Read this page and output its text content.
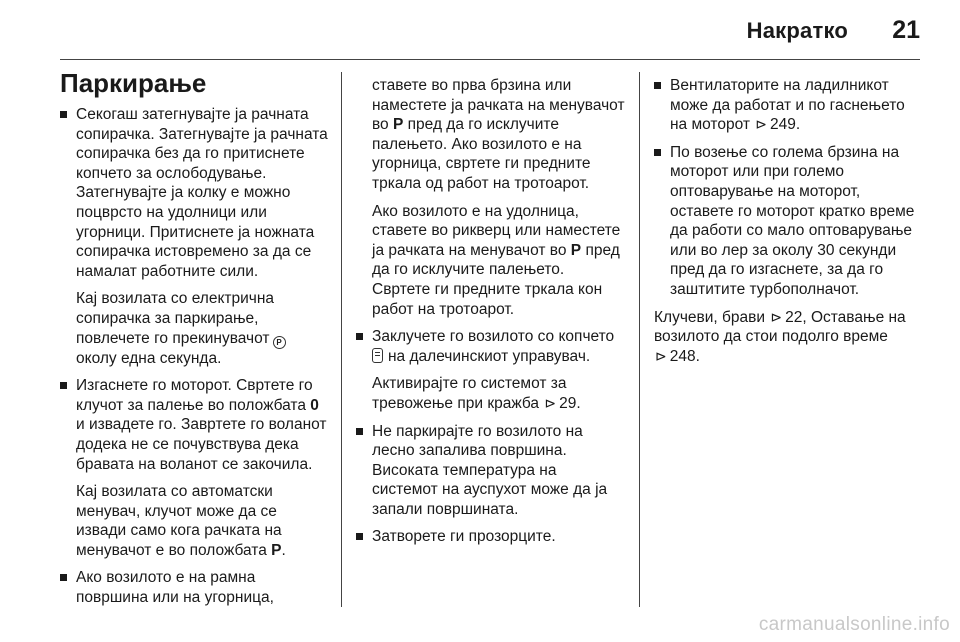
Накратко 21
Паркирање

Секогаш затегнувајте ја рачната сопирачка. Затегнувајте ја рачната сопирачка без да го притиснете копчето за ослободување. Затегнувајте ја колку е можно поцврсто на удолници или угорници. Притиснете ја ножната сопирачка истовремено за да се намалат работните сили.

Кај возилата со електрична сопирачка за паркирање, повлечете го прекинувачот P околу една секунда.

Изгаснете го моторот. Свртете го клучот за палење во положбата 0 и извадете го. Завртете го воланот додека не се почувствува дека бравата на воланот се закочила.

Кај возилата со автоматски менувач, клучот може да се извади само кога рачката на менувачот е во положбата P.

Ако возилото е на рамна површина или на угорница,

ставете во прва брзина или наместете ја рачката на менувачот во P пред да го исклучите палењето. Ако возилото е на угорница, свртете ги предните тркала од работ на тротоарот.

Ако возилото е на удолница, ставете во рикверц или наместете ја рачката на менувачот во P пред да го исклучите палењето. Свртете ги предните тркала кон работ на тротоарот.

Заклучете го возилото со копчето
на далечинскиот управувач.

Активирајте го системот за тревожење при кражба ⊳ 29.

Не паркирајте го возилото на лесно запалива површина. Високата температура на системот на ауспухот може да ја запали површината.

Затворете ги прозорците.

Вентилаторите на ладилникот може да работат и по гаснењето на моторот ⊳ 249.

По возење со голема брзина на моторот или при големо оптоварување на моторот, оставете го моторот кратко време да работи со мало оптоварување или во лер за околу 30 секунди пред да го изгаснете, за да го заштитите турбополначот.

Клучеви, брави ⊳ 22, Оставање на возилото да стои подолго време ⊳ 248.

carmanualsonline.info
